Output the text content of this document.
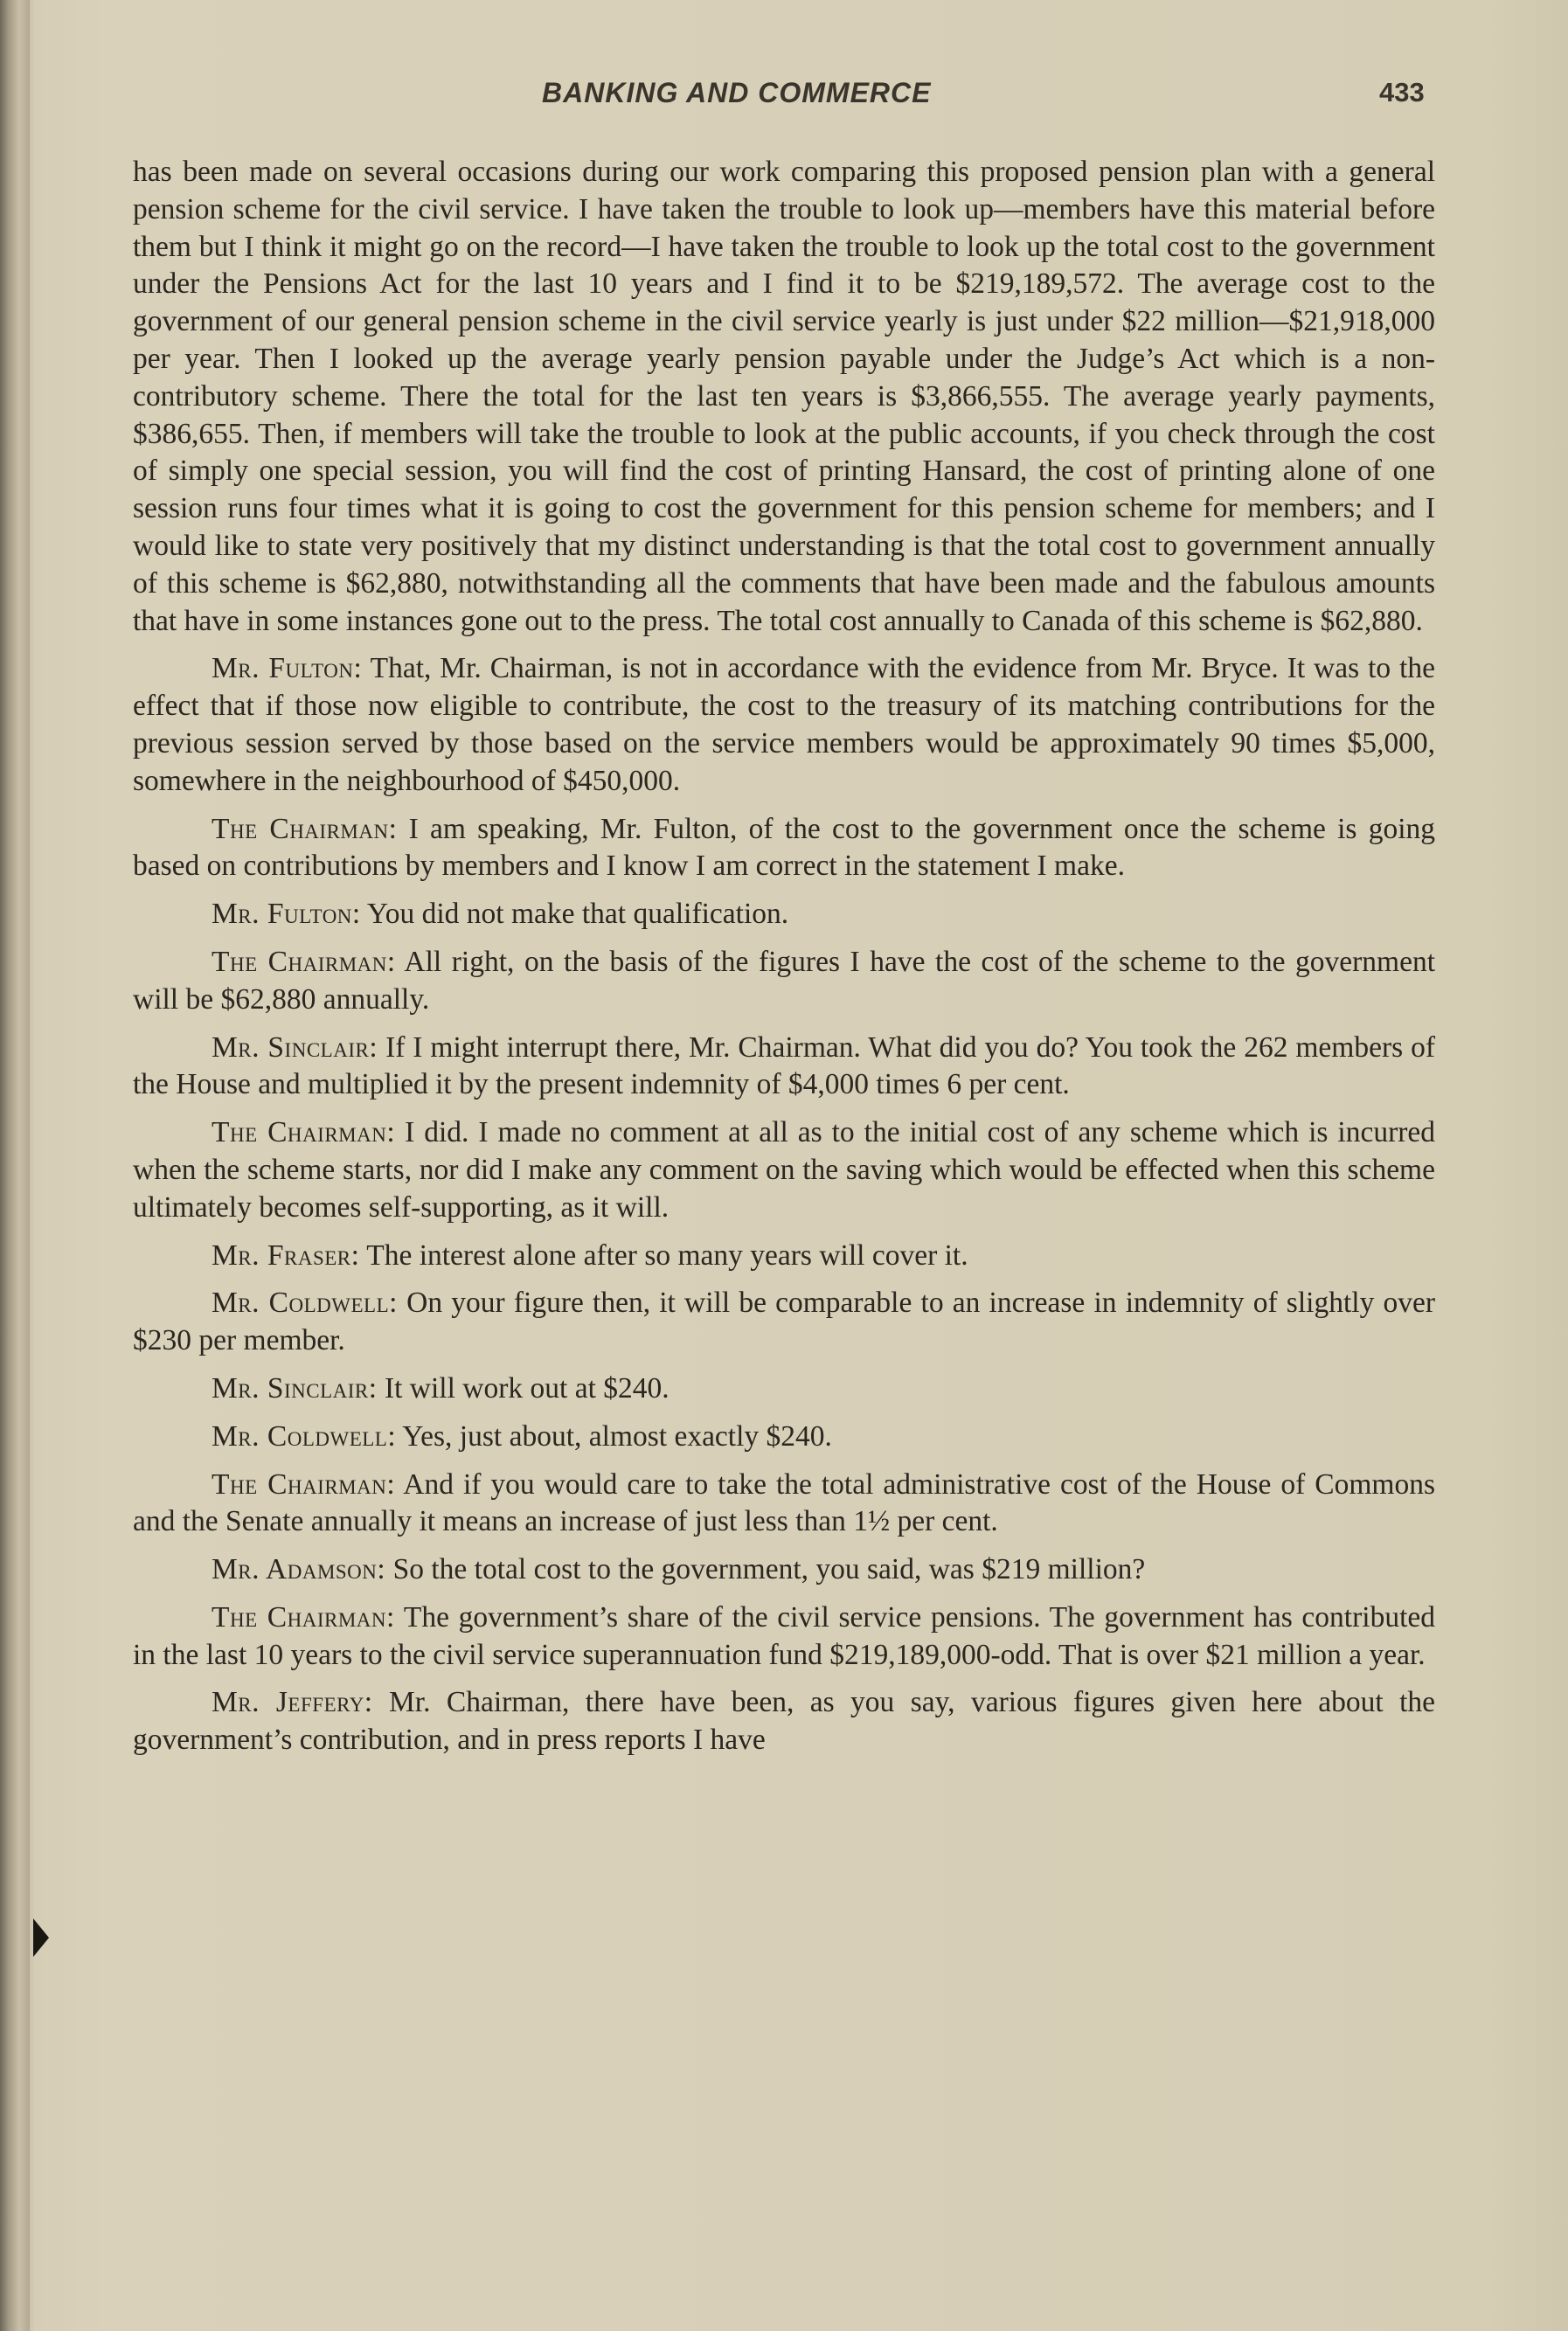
BANKING AND COMMERCE	433

has been made on several occasions during our work comparing this proposed pension plan with a general pension scheme for the civil service. I have taken the trouble to look up—members have this material before them but I think it might go on the record—I have taken the trouble to look up the total cost to the government under the Pensions Act for the last 10 years and I find it to be $219,189,572. The average cost to the government of our general pension scheme in the civil service yearly is just under $22 million—$21,918,000 per year. Then I looked up the average yearly pension payable under the Judge’s Act which is a non-contributory scheme. There the total for the last ten years is $3,866,555. The average yearly payments, $386,655. Then, if members will take the trouble to look at the public accounts, if you check through the cost of simply one special session, you will find the cost of printing Hansard, the cost of printing alone of one session runs four times what it is going to cost the government for this pension scheme for members; and I would like to state very positively that my distinct understanding is that the total cost to government annually of this scheme is $62,880, notwithstanding all the comments that have been made and the fabulous amounts that have in some instances gone out to the press. The total cost annually to Canada of this scheme is $62,880.

Mr. Fulton: That, Mr. Chairman, is not in accordance with the evidence from Mr. Bryce. It was to the effect that if those now eligible to contribute, the cost to the treasury of its matching contributions for the previous session served by those based on the service members would be approximately 90 times $5,000, somewhere in the neighbourhood of $450,000.

The Chairman: I am speaking, Mr. Fulton, of the cost to the government once the scheme is going based on contributions by members and I know I am correct in the statement I make.

Mr. Fulton: You did not make that qualification.

The Chairman: All right, on the basis of the figures I have the cost of the scheme to the government will be $62,880 annually.

Mr. Sinclair: If I might interrupt there, Mr. Chairman. What did you do? You took the 262 members of the House and multiplied it by the present indemnity of $4,000 times 6 per cent.

The Chairman: I did. I made no comment at all as to the initial cost of any scheme which is incurred when the scheme starts, nor did I make any comment on the saving which would be effected when this scheme ultimately becomes self-supporting, as it will.

Mr. Fraser: The interest alone after so many years will cover it.

Mr. Coldwell: On your figure then, it will be comparable to an increase in indemnity of slightly over $230 per member.

Mr. Sinclair: It will work out at $240.

Mr. Coldwell: Yes, just about, almost exactly $240.

The Chairman: And if you would care to take the total administrative cost of the House of Commons and the Senate annually it means an increase of just less than 1½ per cent.

Mr. Adamson: So the total cost to the government, you said, was $219 million?

The Chairman: The government’s share of the civil service pensions. The government has contributed in the last 10 years to the civil service superannuation fund $219,189,000-odd. That is over $21 million a year.

Mr. Jeffery: Mr. Chairman, there have been, as you say, various figures given here about the government’s contribution, and in press reports I have
